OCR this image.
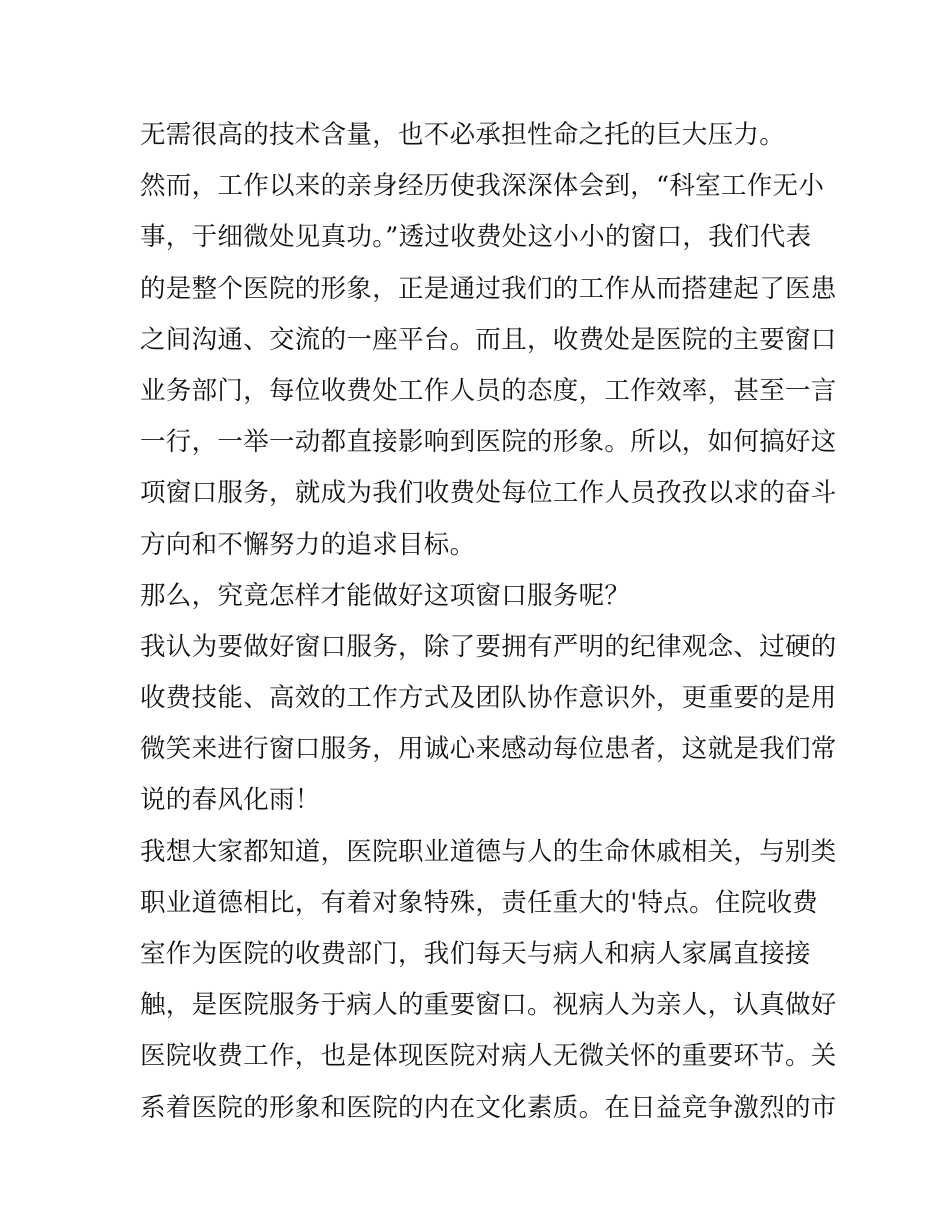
无需很高的技术含量，也不必承担性命之托的巨大压力。
然而，工作以来的亲身经历使我深深体会到，“科室工作无小
事，于细微处见真功。”透过收费处这小小的窗口，我们代表
的是整个医院的形象，正是通过我们的工作从而搭建起了医患
之间沟通、交流的一座平台。而且，收费处是医院的主要窗口
业务部门，每位收费处工作人员的态度，工作效率，甚至一言
一行，一举一动都直接影响到医院的形象。所以，如何搞好这
项窗口服务，就成为我们收费处每位工作人员孜孜以求的奋斗
方向和不懈努力的追求目标。
那么，究竟怎样才能做好这项窗口服务呢？
我认为要做好窗口服务，除了要拥有严明的纪律观念、过硬的
收费技能、高效的工作方式及团队协作意识外，更重要的是用
微笑来进行窗口服务，用诚心来感动每位患者，这就是我们常
说的春风化雨！
我想大家都知道，医院职业道德与人的生命休戚相关，与别类
职业道德相比，有着对象特殊，责任重大的'特点。住院收费
室作为医院的收费部门，我们每天与病人和病人家属直接接
触，是医院服务于病人的重要窗口。视病人为亲人，认真做好
医院收费工作，也是体现医院对病人无微关怀的重要环节。关
系着医院的形象和医院的内在文化素质。在日益竞争激烈的市
